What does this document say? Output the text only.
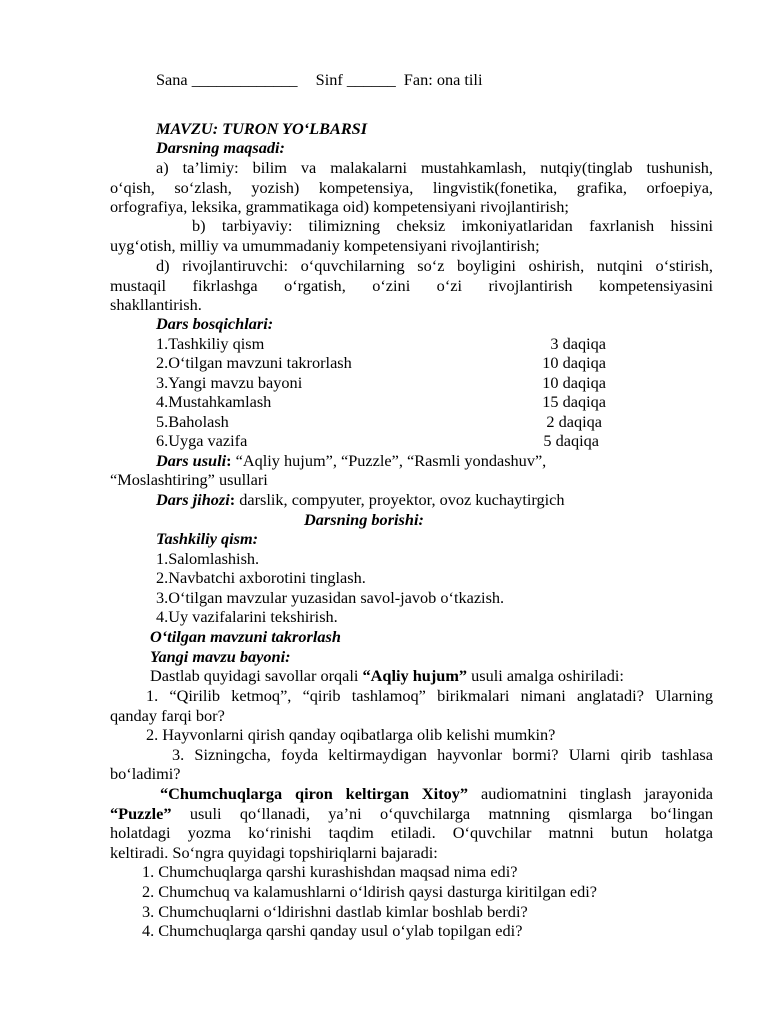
Sana _____________ Sinf ______ Fan: ona tili
MAVZU: TURON YO‘LBARSI
Darsning maqsadi:
a) ta’limiy: bilim va malakalarni mustahkamlash, nutqiy(tinglab tushunish,
o‘qish, so‘zlash, yozish) kompetensiya, lingvistik(fonetika, grafika, orfoepiya,
orfografiya, leksika, grammatikaga oid) kompetensiyani rivojlantirish;
b) tarbiyaviy: tilimizning cheksiz imkoniyatlaridan faxrlanish hissini
uyg‘otish, milliy va umummadaniy kompetensiyani rivojlantirish;
d) rivojlantiruvchi: o‘quvchilarning so‘z boyligini oshirish, nutqini o‘stirish,
mustaqil fikrlashga o‘rgatish, o‘zini o‘zi rivojlantirish kompetensiyasini
shakllantirish.
Dars bosqichlari:
1.Tashkiliy qism	3 daqiqa
2.O‘tilgan mavzuni takrorlash	10 daqiqa
3.Yangi mavzu bayoni	10 daqiqa
4.Mustahkamlash	15 daqiqa
5.Baholash	2 daqiqa
6.Uyga vazifa	5 daqiqa
Dars usuli: “Aqliy hujum”, “Puzzle”, “Rasmli yondashuv”,
“Moslashtiring” usullari
Dars jihozi: darslik, compyuter, proyektor, ovoz kuchaytirgich
Darsning borishi:
Tashkiliy qism:
1.Salomlashish.
2.Navbatchi axborotini tinglash.
3.O‘tilgan mavzular yuzasidan savol-javob o‘tkazish.
4.Uy vazifalarini tekshirish.
O‘tilgan mavzuni takrorlash
Yangi mavzu bayoni:
Dastlab quyidagi savollar orqali “Aqliy hujum” usuli amalga oshiriladi:
1. “Qirilib ketmoq”, “qirib tashlamoq” birikmalari nimani anglatadi? Ularning
qanday farqi bor?
2. Hayvonlarni qirish qanday oqibatlarga olib kelishi mumkin?
3. Sizningcha, foyda keltirmaydigan hayvonlar bormi? Ularni qirib tashlasa
bo‘ladimi?
“Chumchuqlarga qiron keltirgan Xitoy” audiomatnini tinglash jarayonida
“Puzzle” usuli qo‘llanadi, ya’ni o‘quvchilarga matnning qismlarga bo‘lingan
holatdagi yozma ko‘rinishi taqdim etiladi. O‘quvchilar matnni butun holatga
keltiradi. So‘ngra quyidagi topshiriqlarni bajaradi:
1. Chumchuqlarga qarshi kurashishdan maqsad nima edi?
2. Chumchuq va kalamushlarni o‘ldirish qaysi dasturga kiritilgan edi?
3. Chumchuqlarni o‘ldirishni dastlab kimlar boshlab berdi?
4. Chumchuqlarga qarshi qanday usul o‘ylab topilgan edi?
